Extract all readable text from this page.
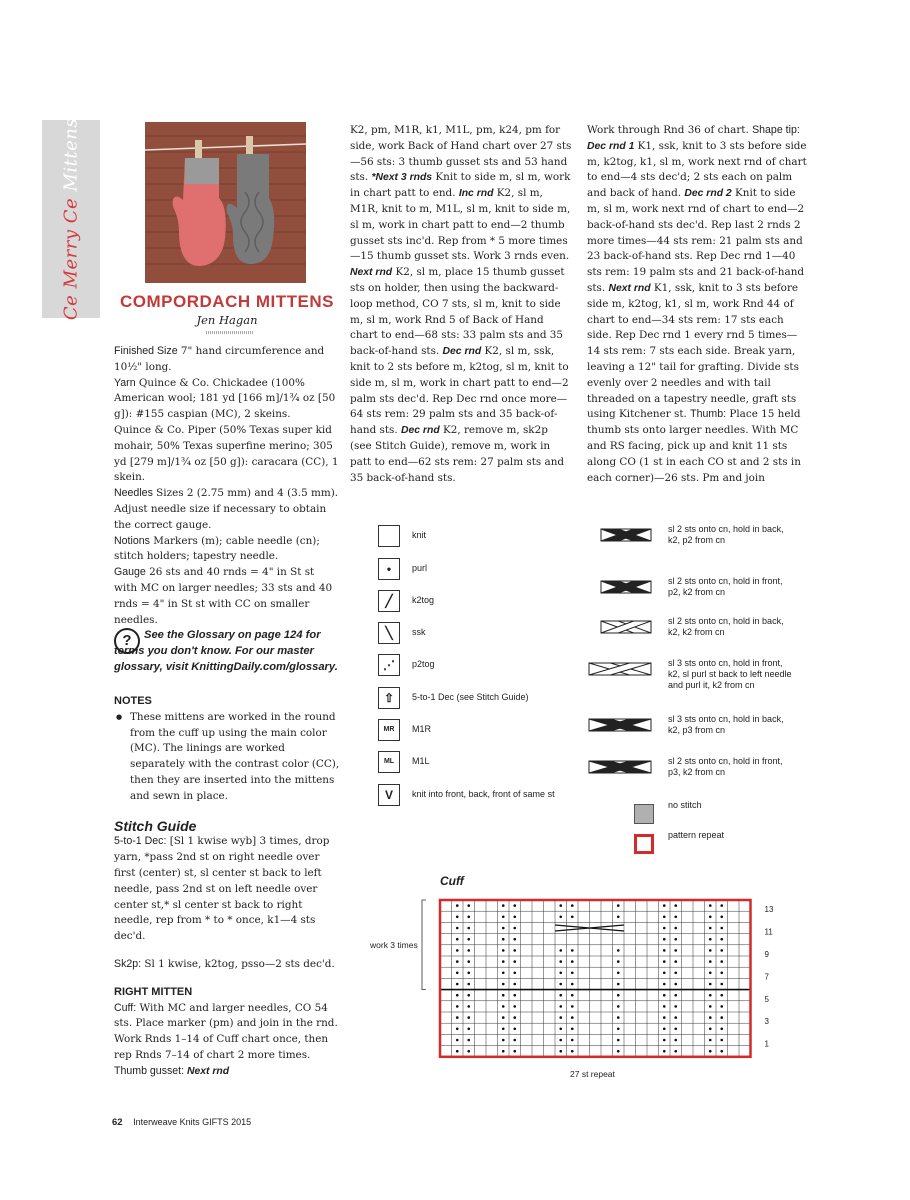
Ce Merry Ce Mittens
COMPORDACH MITTENS
Jen Hagan

Finished Size 7" hand circumference and 10½" long.

Yarn Quince & Co. Chickadee (100% American wool; 181 yd [166 m]/1¾ oz [50 g]): #155 caspian (MC), 2 skeins.

Quince & Co. Piper (50% Texas super kid mohair, 50% Texas superfine merino; 305 yd [279 m]/1¾ oz [50 g]): caracara (CC), 1 skein.

Needles Sizes 2 (2.75 mm) and 4 (3.5 mm). Adjust needle size if necessary to obtain the correct gauge.

Notions Markers (m); cable needle (cn); stitch holders; tapestry needle.

Gauge 26 sts and 40 rnds = 4" in St st with MC on larger needles; 33 sts and 40 rnds = 4" in St st with CC on smaller needles.

?	See the Glossary on page 124 for terms you don't know. For our master glossary, visit KnittingDaily.com/glossary.

NOTES

● These mittens are worked in the round from the cuff up using the main color (MC). The linings are worked separately with the contrast color (CC), then they are inserted into the mittens and sewn in place.

Stitch Guide

5-to-1 Dec: [Sl 1 kwise wyb] 3 times, drop yarn, *pass 2nd st on right needle over first (center) st, sl center st back to left needle, pass 2nd st on left needle over center st,* sl center st back to right needle, rep from * to * once, k1—4 sts dec'd.

Sk2p: Sl 1 kwise, k2tog, psso—2 sts dec'd.

RIGHT MITTEN

Cuff: With MC and larger needles, CO 54 sts. Place marker (pm) and join in the rnd. Work Rnds 1–14 of Cuff chart once, then rep Rnds 7–14 of chart 2 more times. Thumb gusset: Next rnd

K2, pm, M1R, k1, M1L, pm, k24, pm for side, work Back of Hand chart over 27 sts—56 sts: 3 thumb gusset sts and 53 hand sts. *Next 3 rnds Knit to side m, sl m, work in chart patt to end. Inc rnd K2, sl m, M1R, knit to m, M1L, sl m, knit to side m, sl m, work in chart patt to end—2 thumb gusset sts inc'd. Rep from * 5 more times—15 thumb gusset sts. Work 3 rnds even. Next rnd K2, sl m, place 15 thumb gusset sts on holder, then using the backward-loop method, CO 7 sts, sl m, knit to side m, sl m, work Rnd 5 of Back of Hand chart to end—68 sts: 33 palm sts and 35 back-of-hand sts. Dec rnd K2, sl m, ssk, knit to 2 sts before m, k2tog, sl m, knit to side m, sl m, work in chart patt to end—2 palm sts dec'd. Rep Dec rnd once more—64 sts rem: 29 palm sts and 35 back-of-hand sts. Dec rnd K2, remove m, sk2p (see Stitch Guide), remove m, work in patt to end—62 sts rem: 27 palm sts and 35 back-of-hand sts.

Work through Rnd 36 of chart. Shape tip: Dec rnd 1 K1, ssk, knit to 3 sts before side m, k2tog, k1, sl m, work next rnd of chart to end—4 sts dec'd; 2 sts each on palm and back of hand. Dec rnd 2 Knit to side m, sl m, work next rnd of chart to end—2 back-of-hand sts dec'd. Rep last 2 rnds 2 more times—44 sts rem: 21 palm sts and 23 back-of-hand sts. Rep Dec rnd 1—40 sts rem: 19 palm sts and 21 back-of-hand sts. Next rnd K1, ssk, knit to 3 sts before side m, k2tog, k1, sl m, work Rnd 44 of chart to end—34 sts rem: 17 sts each side. Rep Dec rnd 1 every rnd 5 times—14 sts rem: 7 sts each side. Break yarn, leaving a 12" tail for grafting. Divide sts evenly over 2 needles and with tail threaded on a tapestry needle, graft sts using Kitchener st. Thumb: Place 15 held thumb sts onto larger needles. With MC and RS facing, pick up and knit 11 sts along CO (1 st in each CO st and 2 sts in each corner)—26 sts. Pm and join

knit
•	purl
╱	k2tog
╲	ssk
⋰	p2tog
⇧	5-to-1 Dec (see Stitch Guide)
MR	M1R
ML	M1L
V	knit into front, back, front of same st
sl 2 sts onto cn, hold in back,
k2, p2 from cn
sl 2 sts onto cn, hold in front,
p2, k2 from cn
sl 2 sts onto cn, hold in back,
k2, k2 from cn
sl 3 sts onto cn, hold in front,
k2, sl purl st back to left needle
and purl it, k2 from cn
sl 3 sts onto cn, hold in back,
k2, p3 from cn
sl 2 sts onto cn, hold in front,
p3, k2 from cn
no stitch
pattern repeat
Cuff
work 3 times
27 st repeat
13
11
9
7
5
3
1
62 Interweave Knits GIFTS 2015
